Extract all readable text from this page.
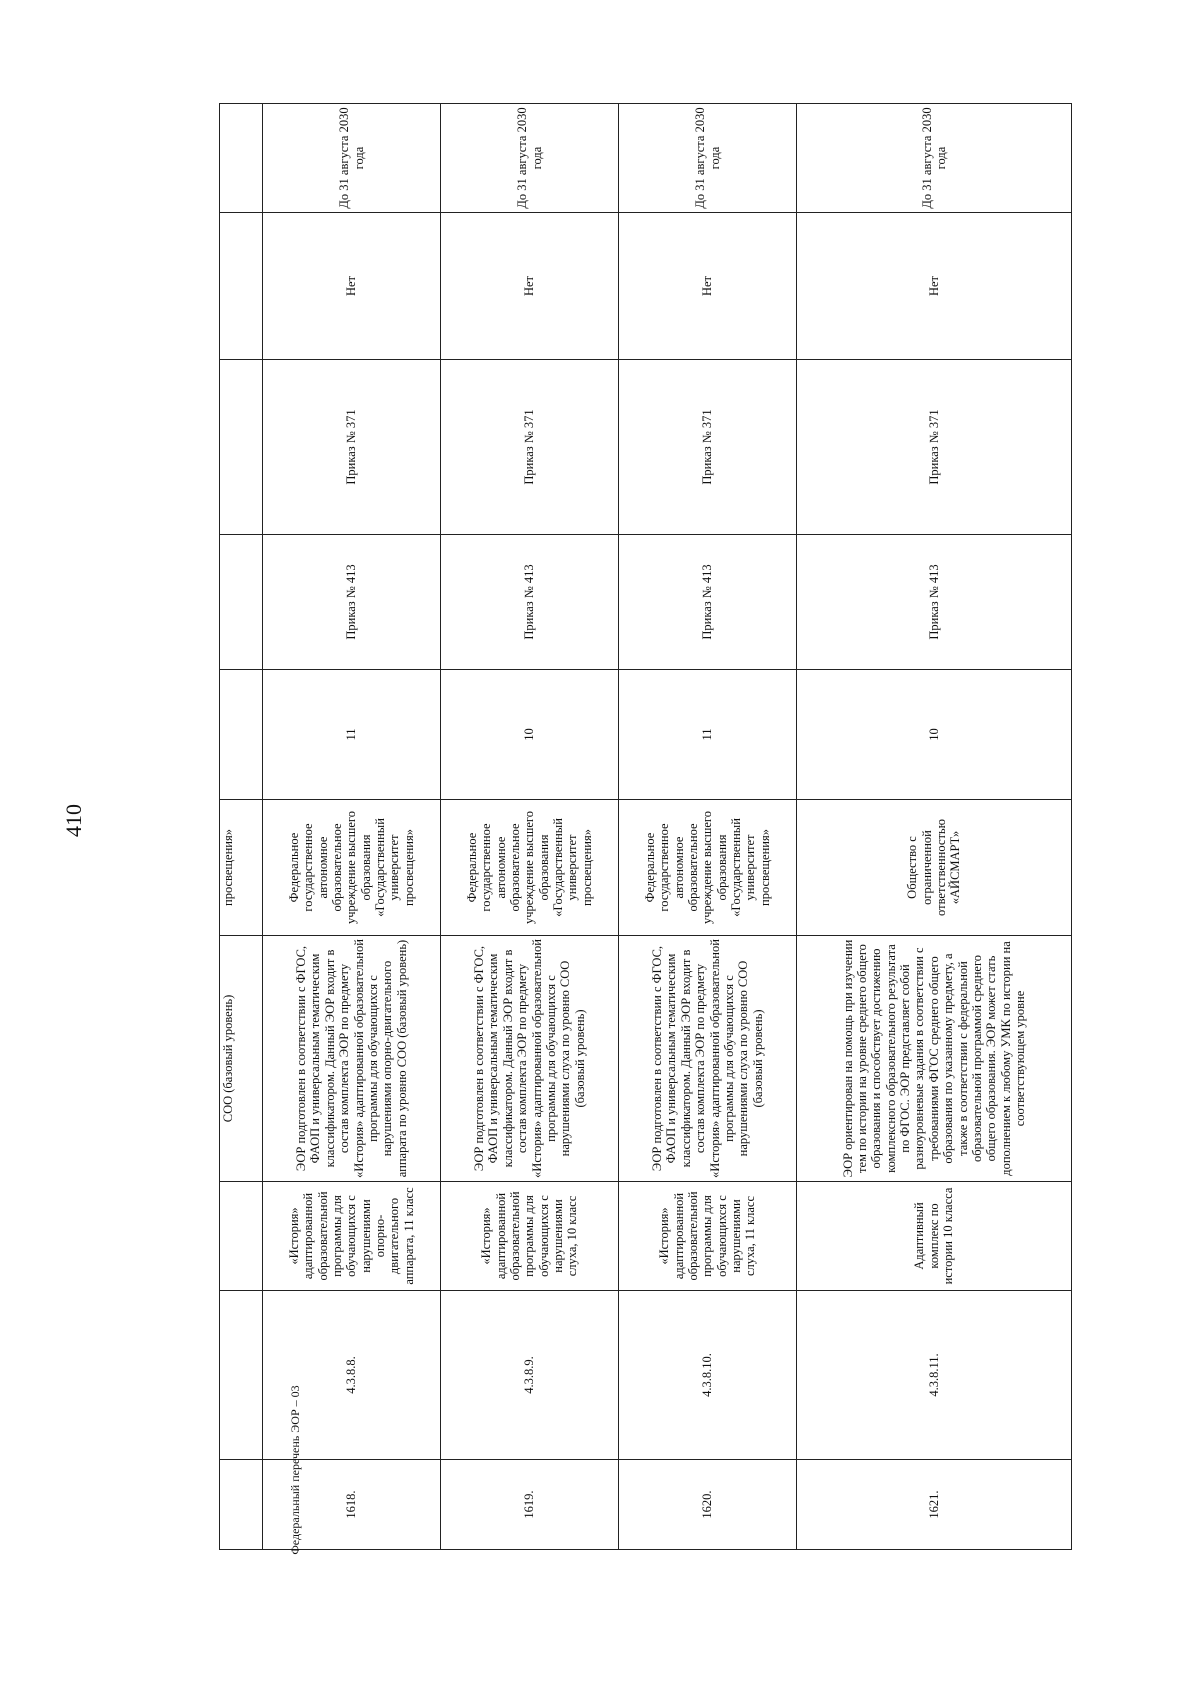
410
			СОО (базовый уровень)	просвещения»					
1618.	4.3.8.8.	«История» адаптированной образовательной программы для обучающихся с нарушениями опорно-двигательного аппарата, 11 класс	ЭОР подготовлен в соответствии с ФГОС, ФАОП и универсальным тематическим классификатором. Данный ЭОР входит в состав комплекта ЭОР по предмету «История» адаптированной образовательной программы для обучающихся с нарушениями опорно-двигательного аппарата по уровню СОО (базовый уровень)	Федеральное государственное автономное образовательное учреждение высшего образования «Государственный университет просвещения»	11	Приказ № 413	Приказ № 371	Нет	До 31 августа 2030 года
1619.	4.3.8.9.	«История» адаптированной образовательной программы для обучающихся с нарушениями слуха, 10 класс	ЭОР подготовлен в соответствии с ФГОС, ФАОП и универсальным тематическим классификатором. Данный ЭОР входит в состав комплекта ЭОР по предмету «История» адаптированной образовательной программы для обучающихся с нарушениями слуха по уровню СОО (базовый уровень)	Федеральное государственное автономное образовательное учреждение высшего образования «Государственный университет просвещения»	10	Приказ № 413	Приказ № 371	Нет	До 31 августа 2030 года
1620.	4.3.8.10.	«История» адаптированной образовательной программы для обучающихся с нарушениями слуха, 11 класс	ЭОР подготовлен в соответствии с ФГОС, ФАОП и универсальным тематическим классификатором. Данный ЭОР входит в состав комплекта ЭОР по предмету «История» адаптированной образовательной программы для обучающихся с нарушениями слуха по уровню СОО (базовый уровень)	Федеральное государственное автономное образовательное учреждение высшего образования «Государственный университет просвещения»	11	Приказ № 413	Приказ № 371	Нет	До 31 августа 2030 года
1621.	4.3.8.11.	Адаптивный комплекс по истории 10 класса	ЭОР ориентирован на помощь при изучении тем по истории на уровне среднего общего образования и способствует достижению комплексного образовательного результата по ФГОС. ЭОР представляет собой разноуровневые задания в соответствии с требованиями ФГОС среднего общего образования по указанному предмету, а также в соответствии с федеральной образовательной программой среднего общего образования. ЭОР может стать дополнением к любому УМК по истории на соответствующем уровне	Общество с ограниченной ответственностью «АЙСМАРТ»	10	Приказ № 413	Приказ № 371	Нет	До 31 августа 2030 года
Федеральный перечень ЭОР – 03
